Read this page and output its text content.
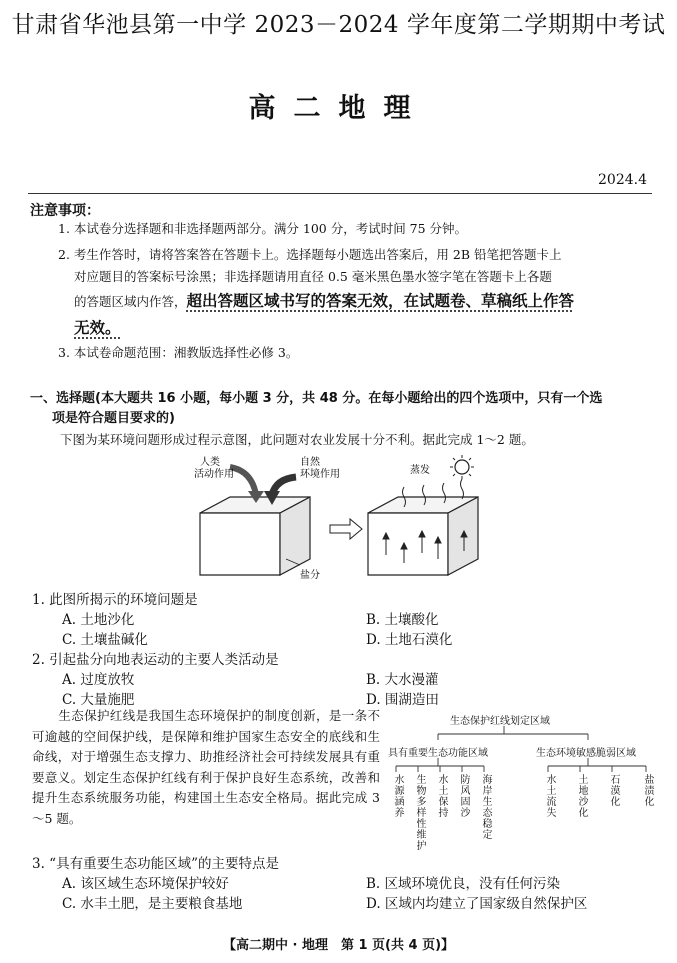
甘肃省华池县第一中学 2023－2024 学年度第二学期期中考试
高二地理
2024.4
注意事项：
1. 本试卷分选择题和非选择题两部分。满分 100 分，考试时间 75 分钟。
2. 考生作答时，请将答案答在答题卡上。选择题每小题选出答案后，用 2B 铅笔把答题卡上
对应题目的答案标号涂黑；非选择题请用直径 0.5 毫米黑色墨水签字笔在答题卡上各题
的答题区域内作答，超出答题区域书写的答案无效，在试题卷、草稿纸上作答
无效。
3. 本试卷命题范围：湘教版选择性必修 3。
一、选择题(本大题共 16 小题，每小题 3 分，共 48 分。在每小题给出的四个选项中，只有一个选
项是符合题目要求的)
下图为某环境问题形成过程示意图，此问题对农业发展十分不利。据此完成 1～2 题。
人类
活动作用
自然
环境作用	蒸发
盐分
1. 此图所揭示的环境问题是
A. 土地沙化	B. 土壤酸化
C. 土壤盐碱化	D. 土地石漠化
2. 引起盐分向地表运动的主要人类活动是
A. 过度放牧	B. 大水漫灌
C. 大量施肥	D. 围湖造田
生态保护红线是我国生态环境保护的制度创新，是一条不可逾越的空间保护线，是保障和维护国家生态安全的底线和生命线，对于增强生态支撑力、助推经济社会可持续发展具有重要意义。划定生态保护红线有利于保护良好生态系统，改善和提升生态系统服务功能，构建国土生态安全格局。据此完成 3～5 题。
生态保护红线划定区域
具有重要生态功能区域	生态环境敏感脆弱区域
水源涵养 生物多样性维护 水土保持 防风固沙 海岸生态稳定	水土流失 土地沙化 石漠化 盐渍化
3. “具有重要生态功能区域”的主要特点是
A. 该区域生态环境保护较好	B. 区域环境优良，没有任何污染
C. 水丰土肥，是主要粮食基地	D. 区域内均建立了国家级自然保护区
【高二期中 · 地理　第 1 页(共 4 页)】
